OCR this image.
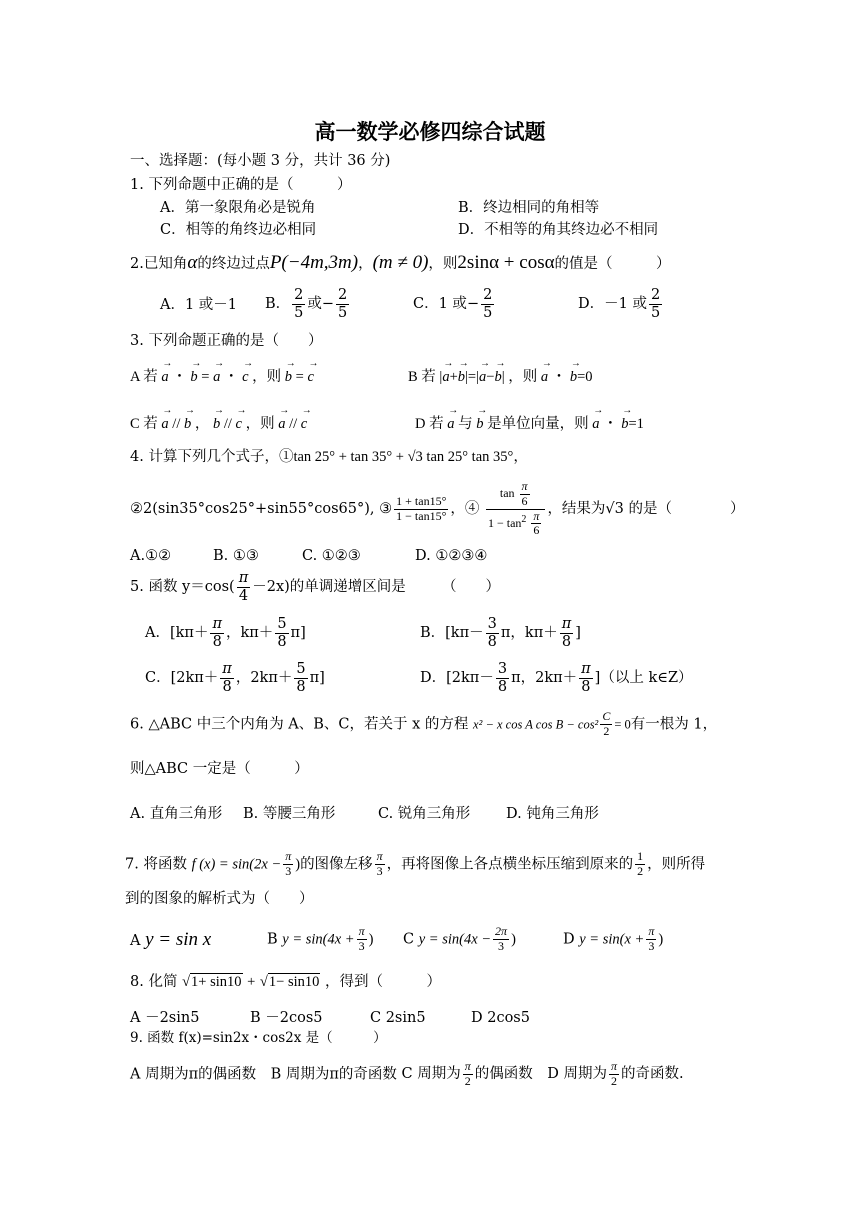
高一数学必修四综合试题
一、选择题：(每小题 3 分，共计 36 分)
1. 下列命题中正确的是（　　　）
A．第一象限角必是锐角	B．终边相同的角相等
C．相等的角终边必相同	D．不相等的角其终边必不相同
2.已知角α的终边过点P(−4m,3m)，(m ≠ 0)，则2sinα + cosα的值是（　　　）
A．1 或－1 B． $\frac{2}{5}$ 或− $\frac{2}{5}$	C．1 或− $\frac{2}{5}$	D．－1 或 $\frac{2}{5}$
3. 下列命题正确的是（　　）
A 若 → a ・ → b = → a ・ → c ，则 → b = → c	B 若 |→ a+→ b|=|→ a−→ b| ，则 → a ・ → b=0
C 若 → a // → b ， → b // → c ，则 → a // → c	D 若 → a 与 → b 是单位向量，则 → a ・ → b=1
4. 计算下列几个式子，①tan 25° + tan 35° + √3 tan 25° tan 35°，
②2(sin35°cos25°+sin55°cos65°), ③ $\frac{1 + \tan 15^\circ}{1 - \tan 15^\circ}$ ，④ $\frac{\tan \frac{\pi}{6}}{1 - \tan^2 \frac{\pi}{6}}$ ，结果为√3 的是（　　　　）
A.①②	B. ①③	C. ①②③	D. ①②③④
5. 函数 $y=\cos( \frac{\pi}{4} -2x)$的单调递增区间是　　　（　　）
A．[$k\pi+ \frac{\pi}{8}$ ，$k\pi+ \frac{5}{8} \pi$]	B．[$k\pi- \frac{3}{8}$ π，$k\pi+ \frac{\pi}{8}$ ]
C．[$2k\pi+ \frac{\pi}{8}$ ，$2k\pi+ \frac{5}{8} \pi$]	D．[$2k\pi- \frac{3}{8}$ π，$2k\pi+ \frac{\pi}{8}$ ]（以上 k∈Z）
6. △ABC 中三个内角为 A、B、C，若关于 x 的方程 x² − x cos A $\cos B - \cos^2 \frac{C}{2} = 0$有一根为 1，
则△ABC 一定是（　　　）
A. 直角三角形 B. 等腰三角形	C. 锐角三角形 D. 钝角三角形
7. 将函数 f $(x) = \sin(2x - \frac{\pi}{3}$ )的图像左移 $\frac{\pi}{3}$ ，再将图像上各点横坐标压缩到原来的 $\frac{1}{2}$ ，则所得
到的图象的解析式为（　　）
A y = sin x	B $y = \sin(4x + \frac{\pi}{3}$ ) C $y = \sin(4x - \frac{2\pi}{3}$ )	D $y = \sin(x + \frac{\pi}{3}$ )
8. 化简 √1+ sin10 + √1− sin10 ，得到（　　　）
A －2sin5	B －2cos5	C 2sin5	D 2cos5
9. 函数 f(x)=sin2x・cos2x 是（　　　）
A 周期为π的偶函数　 B 周期为π的奇函数 C 周期为 $\frac{\pi}{2}$ 的偶函数　 D 周期为 $\frac{\pi}{2}$ 的奇函数.
